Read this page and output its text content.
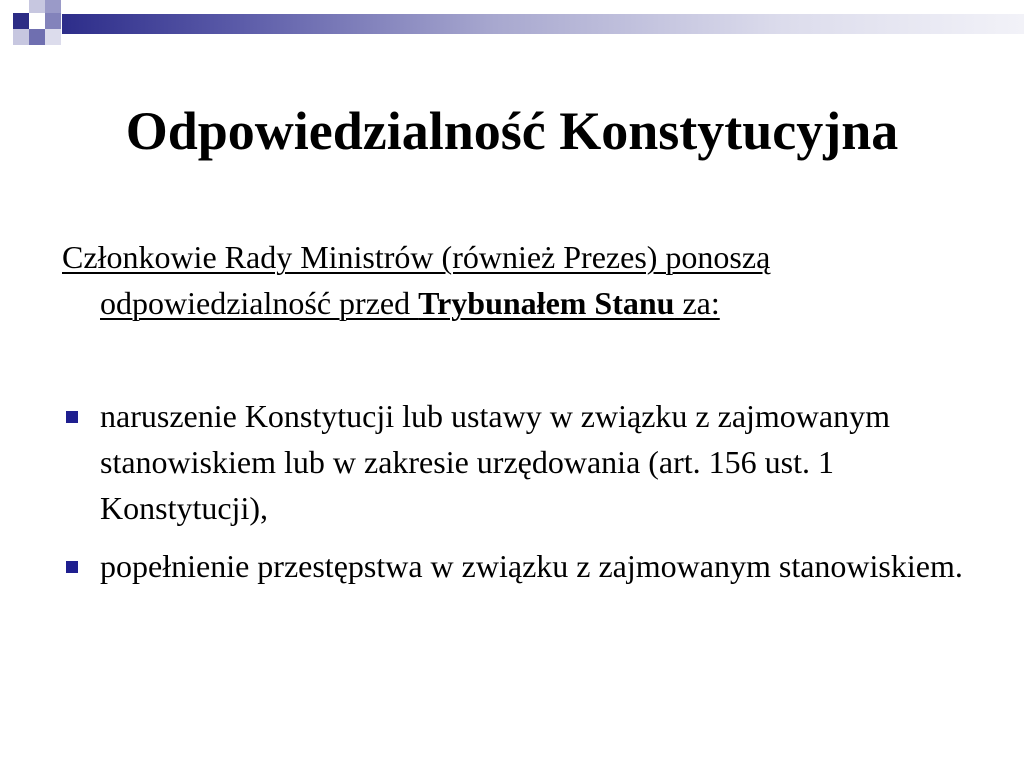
Odpowiedzialność Konstytucyjna

Członkowie Rady Ministrów (również Prezes) ponoszą
odpowiedzialność przed Trybunałem Stanu za:

naruszenie Konstytucji lub ustawy w związku z zajmowanym stanowiskiem lub w zakresie urzędowania (art. 156 ust. 1 Konstytucji),
popełnienie przestępstwa w związku z zajmowanym stanowiskiem.
